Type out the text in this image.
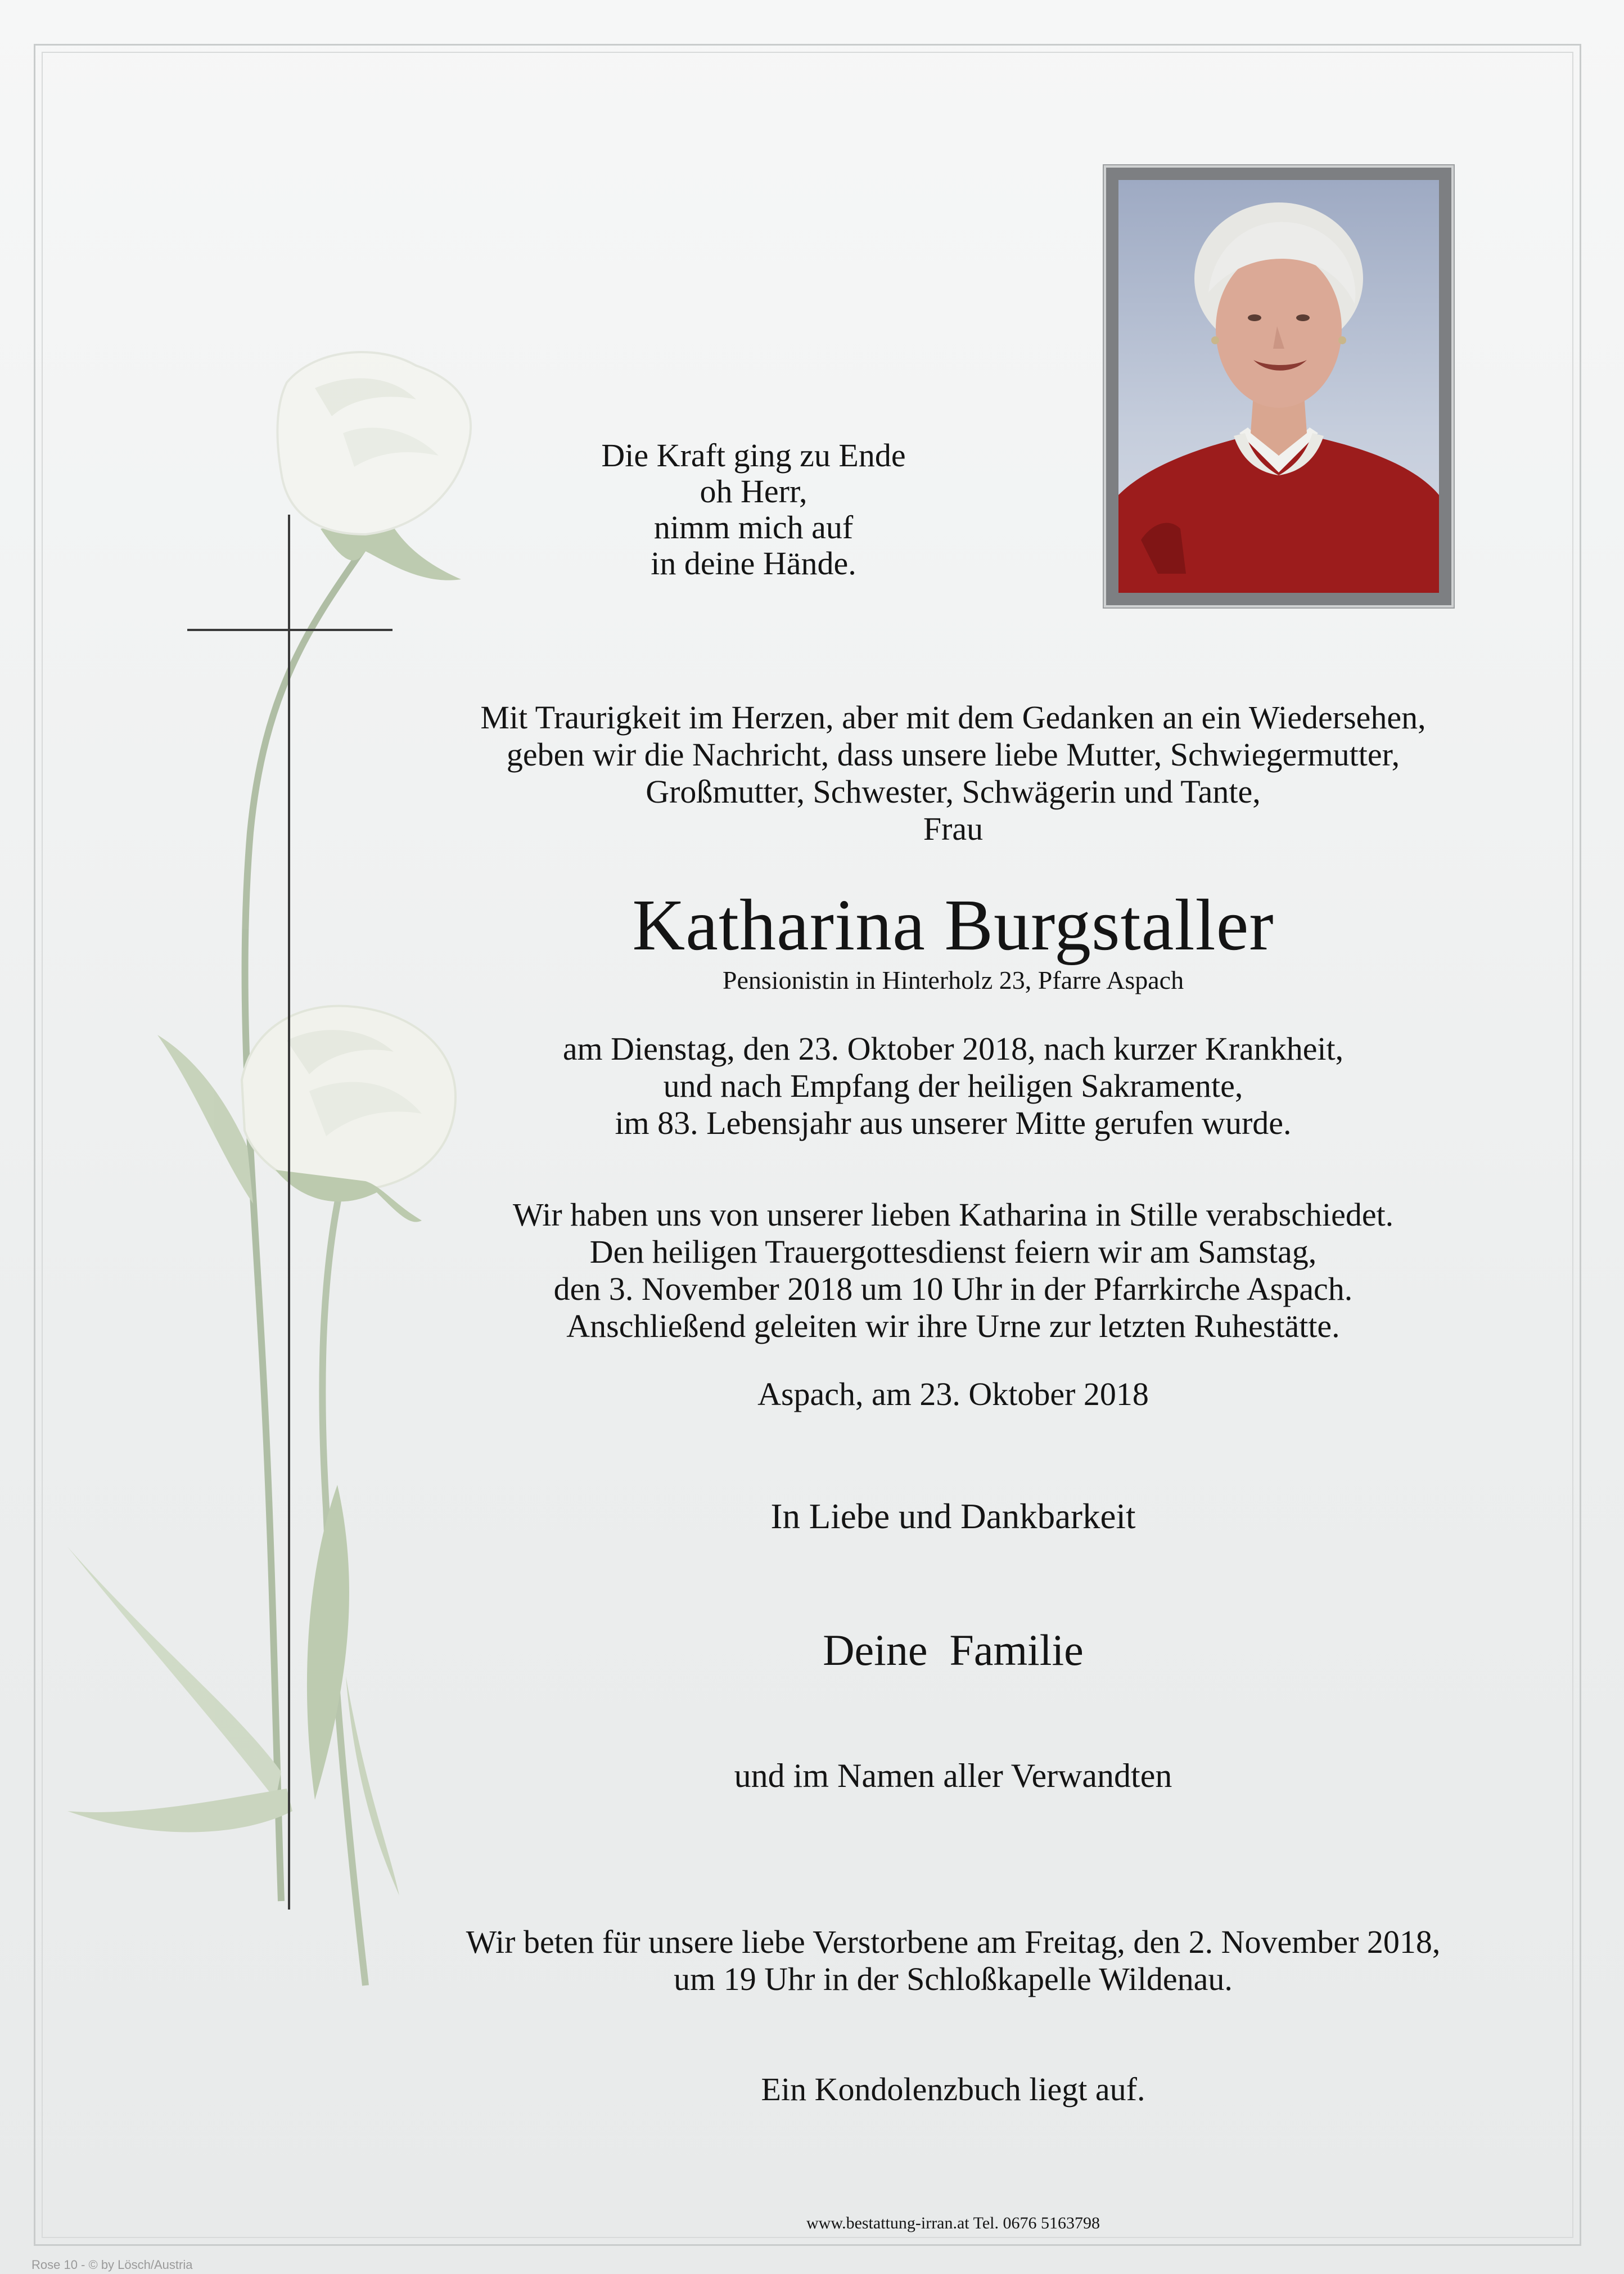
Die Kraft ging zu Ende
oh Herr,
nimm mich auf
in deine Hände.
Mit Traurigkeit im Herzen, aber mit dem Gedanken an ein Wiedersehen,
geben wir die Nachricht, dass unsere liebe Mutter, Schwiegermutter,
Großmutter, Schwester, Schwägerin und Tante,
Frau
Katharina Burgstaller
Pensionistin in Hinterholz 23, Pfarre Aspach
am Dienstag, den 23. Oktober 2018, nach kurzer Krankheit,
und nach Empfang der heiligen Sakramente,
im 83. Lebensjahr aus unserer Mitte gerufen wurde.
Wir haben uns von unserer lieben Katharina in Stille verabschiedet.
Den heiligen Trauergottesdienst feiern wir am Samstag,
den 3. November 2018 um 10 Uhr in der Pfarrkirche Aspach.
Anschließend geleiten wir ihre Urne zur letzten Ruhestätte.
Aspach, am 23. Oktober 2018
In Liebe und Dankbarkeit
Deine  Familie
und im Namen aller Verwandten
Wir beten für unsere liebe Verstorbene am Freitag, den 2. November 2018,
um 19 Uhr in der Schloßkapelle Wildenau.
Ein Kondolenzbuch liegt auf.
www.bestattung-irran.at Tel. 0676 5163798
Rose 10 - © by Lösch/Austria
